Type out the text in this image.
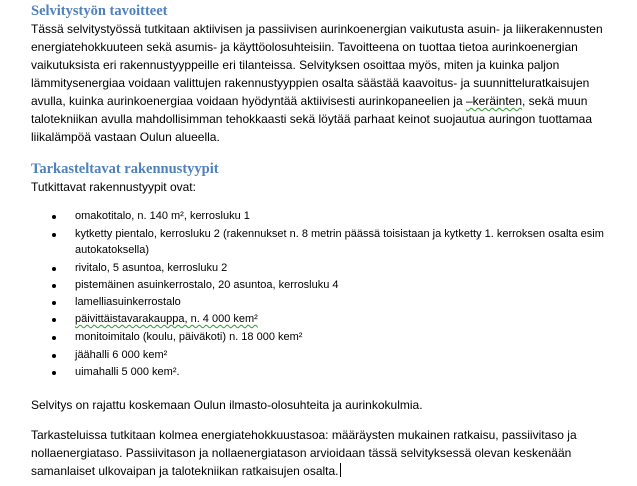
Selvitystyön tavoitteet

Tässä selvitystyössä tutkitaan aktiivisen ja passiivisen aurinkoenergian vaikutusta asuin- ja liikerakennusten

energiatehokkuuteen sekä asumis- ja käyttöolosuhteisiin. Tavoitteena on tuottaa tietoa aurinkoenergian

vaikutuksista eri rakennustyyppeille eri tilanteissa. Selvityksen osoittaa myös, miten ja kuinka paljon

lämmitysenergiaa voidaan valittujen rakennustyyppien osalta säästää kaavoitus- ja suunnitteluratkaisujen

avulla, kuinka aurinkoenergiaa voidaan hyödyntää aktiivisesti aurinkopaneelien ja –keräinten, sekä muun

talotekniikan avulla mahdollisimman tehokkaasti sekä löytää parhaat keinot suojautua auringon tuottamaa

liikalämpöä vastaan Oulun alueella.

Tarkasteltavat rakennustyypit

Tutkittavat rakennustyypit ovat:

omakotitalo, n. 140 m², kerrosluku 1
kytketty pientalo, kerrosluku 2 (rakennukset n. 8 metrin päässä toisistaan ja kytketty 1. kerroksen osalta esim
autokatoksella)
rivitalo, 5 asuntoa, kerrosluku 2
pistemäinen asuinkerrostalo, 20 asuntoa, kerrosluku 4
lamelliasuinkerrostalo
päivittäistavarakauppa, n. 4 000 kem²
monitoimitalo (koulu, päiväkoti) n. 18 000 kem²
jäähalli 6 000 kem²
uimahalli 5 000 kem².

Selvitys on rajattu koskemaan Oulun ilmasto-olosuhteita ja aurinkokulmia.

Tarkasteluissa tutkitaan kolmea energiatehokkuustasoa: määräysten mukainen ratkaisu, passiivitaso ja

nollaenergiataso. Passiivitason ja nollaenergiatason arvioidaan tässä selvityksessä olevan keskenään

samanlaiset ulkovaipan ja talotekniikan ratkaisujen osalta.
